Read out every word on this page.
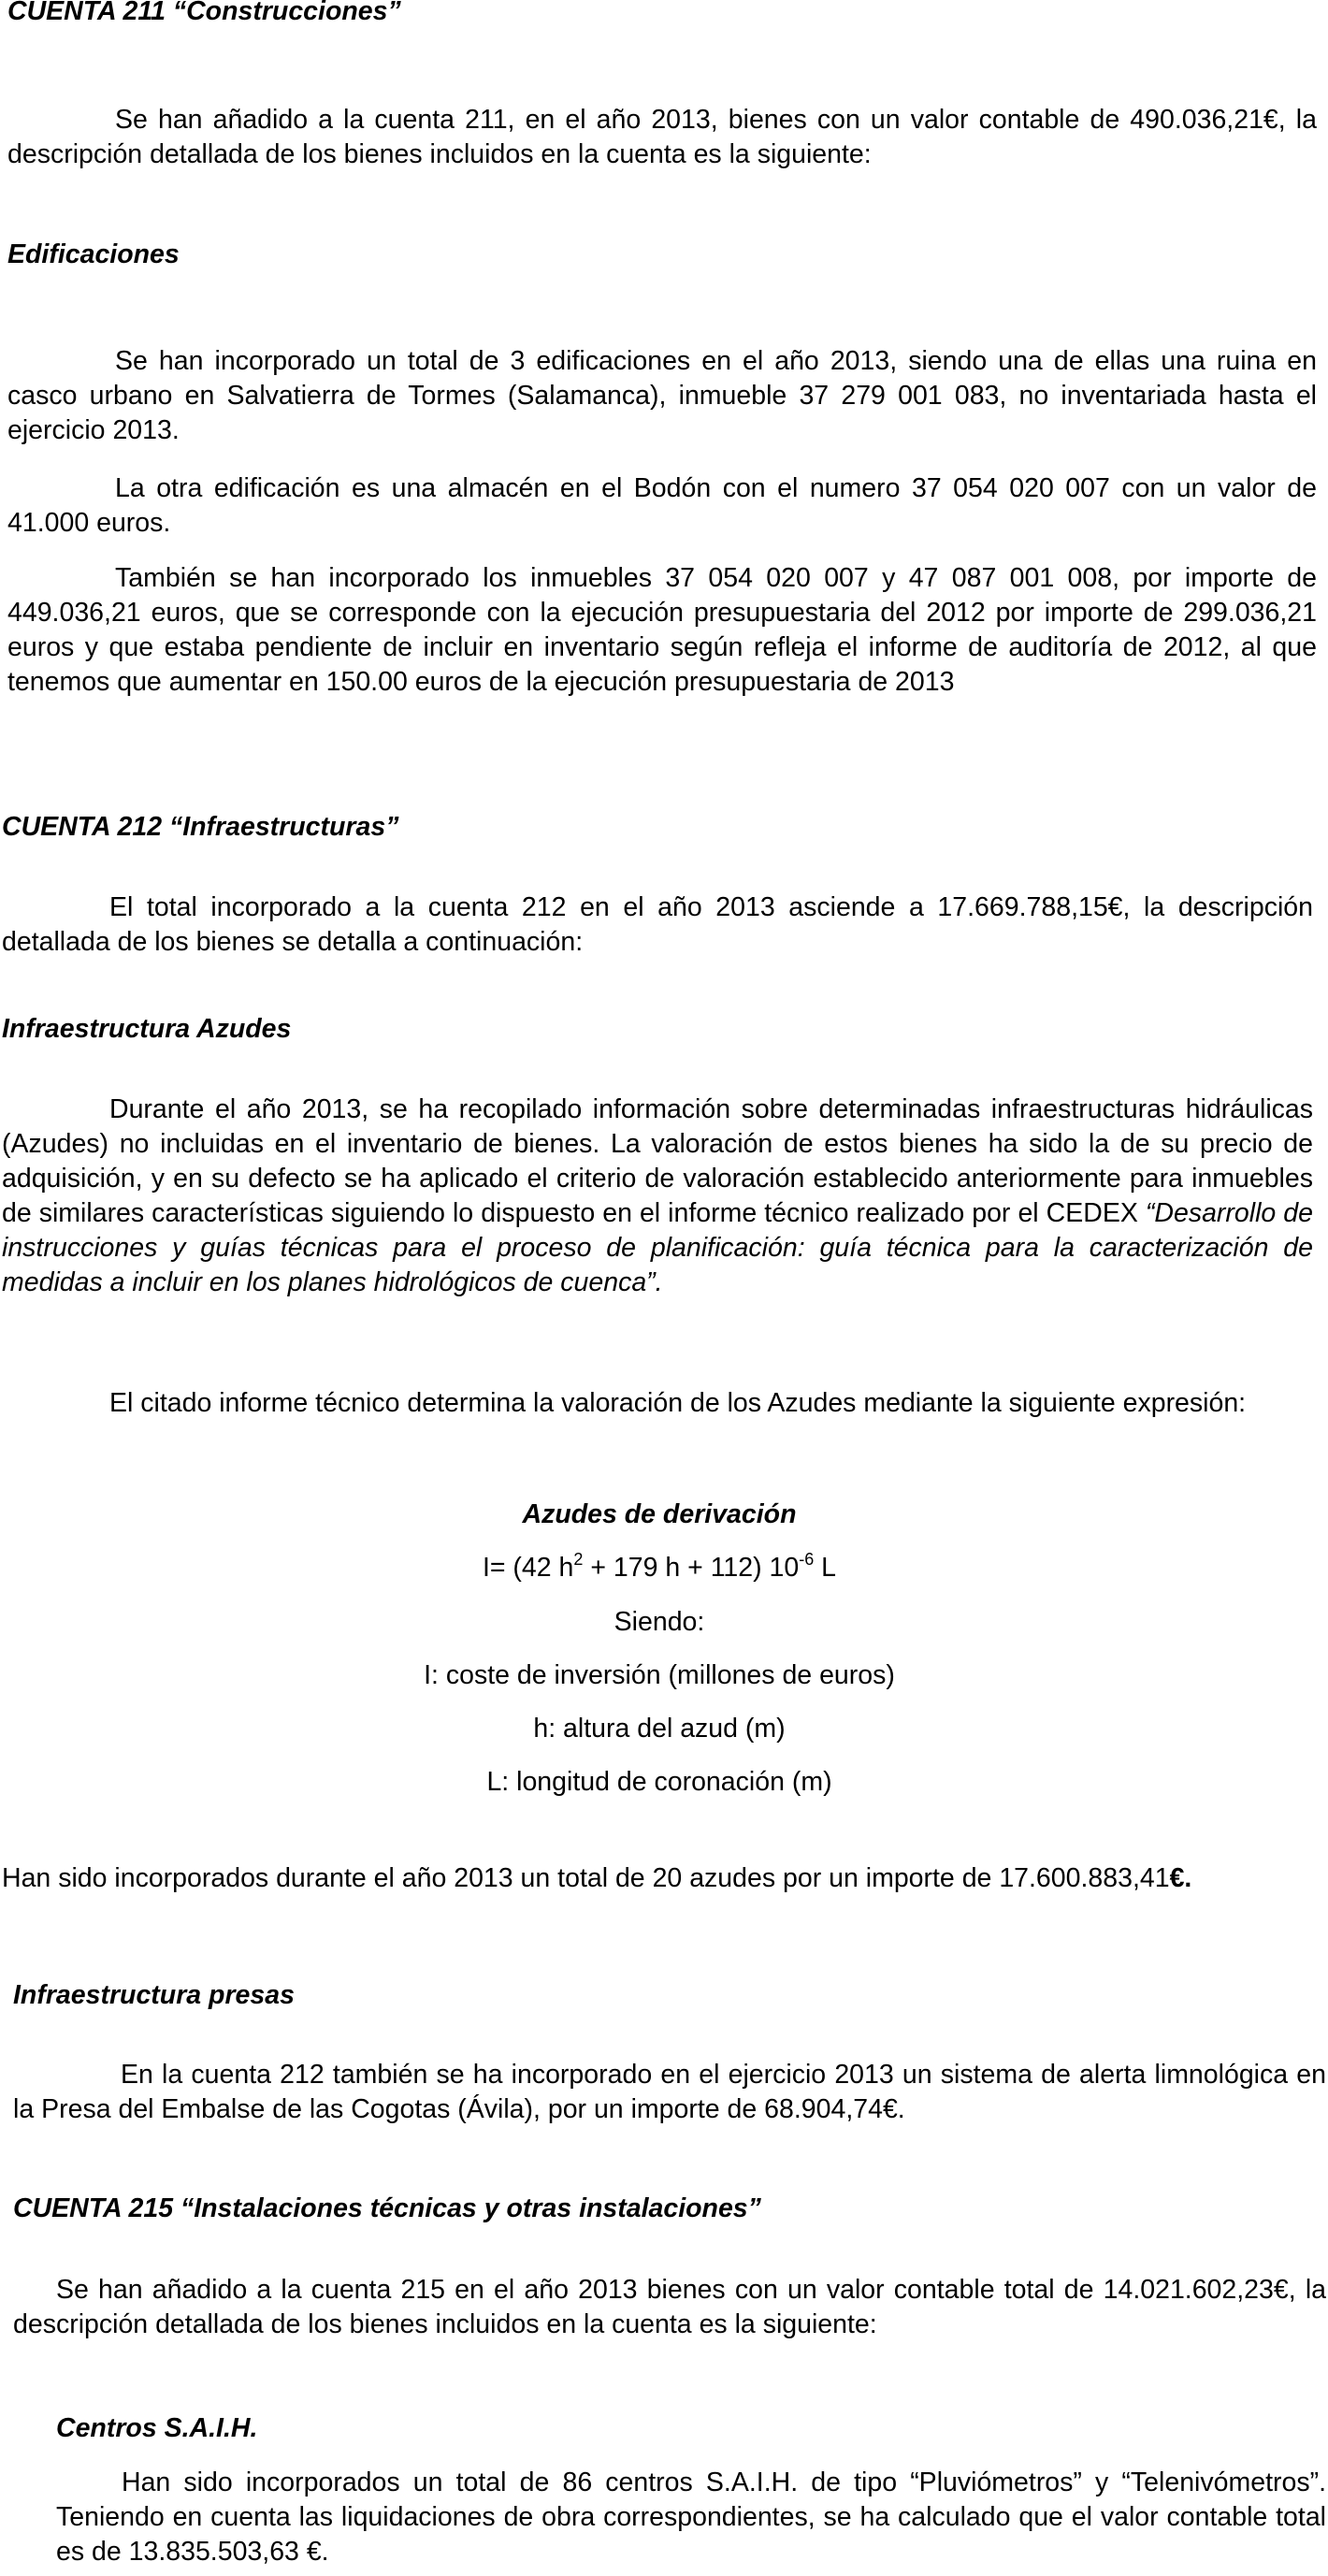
CUENTA 211 “Construcciones”
Se han añadido a la cuenta 211, en el año 2013, bienes con un valor contable de 490.036,21€, la descripción detallada de los bienes incluidos en la cuenta es la siguiente:
Edificaciones
Se han incorporado un total de 3 edificaciones en el año 2013, siendo una de ellas una ruina en casco urbano en Salvatierra de Tormes (Salamanca), inmueble 37 279 001 083, no inventariada hasta el ejercicio 2013.
La otra edificación es una almacén en el Bodón con el numero 37 054 020 007 con un valor de 41.000 euros.
También se han incorporado los inmuebles 37 054 020 007 y 47 087 001 008, por importe de 449.036,21 euros, que se corresponde con la ejecución presupuestaria del 2012 por importe de 299.036,21 euros y que estaba pendiente de incluir en inventario según refleja el informe de auditoría de 2012, al que tenemos que aumentar en 150.00 euros de la ejecución presupuestaria de 2013
CUENTA 212 “Infraestructuras”
El total incorporado a la cuenta 212 en el año 2013 asciende a 17.669.788,15€, la descripción detallada de los bienes se detalla a continuación:
Infraestructura Azudes
Durante el año 2013, se ha recopilado información sobre determinadas infraestructuras hidráulicas (Azudes) no incluidas en el inventario de bienes. La valoración de estos bienes ha sido la de su precio de adquisición, y en su defecto se ha aplicado el criterio de valoración establecido anteriormente para inmuebles de similares características siguiendo lo dispuesto en el informe técnico realizado por el CEDEX “Desarrollo de instrucciones y guías técnicas para el proceso de planificación: guía técnica para la caracterización de medidas a incluir en los planes hidrológicos de cuenca”.
El citado informe técnico determina la valoración de los Azudes mediante la siguiente expresión:
Azudes de derivación
I= (42 $h^2 + 179$ h + 112) $10^{-6}$ L
Siendo:
I: coste de inversión (millones de euros)
h: altura del azud (m)
L: longitud de coronación (m)
Han sido incorporados durante el año 2013 un total de 20 azudes por un importe de 17.600.883,41€.
Infraestructura presas
En la cuenta 212 también se ha incorporado en el ejercicio 2013 un sistema de alerta limnológica en la Presa del Embalse de las Cogotas (Ávila), por un importe de 68.904,74€.
CUENTA 215 “Instalaciones técnicas y otras instalaciones”
Se han añadido a la cuenta 215 en el año 2013 bienes con un valor contable total de 14.021.602,23€, la descripción detallada de los bienes incluidos en la cuenta es la siguiente:
Centros S.A.I.H.
Han sido incorporados un total de 86 centros S.A.I.H. de tipo “Pluviómetros” y “Telenivómetros”. Teniendo en cuenta las liquidaciones de obra correspondientes, se ha calculado que el valor contable total es de 13.835.503,63 €.
